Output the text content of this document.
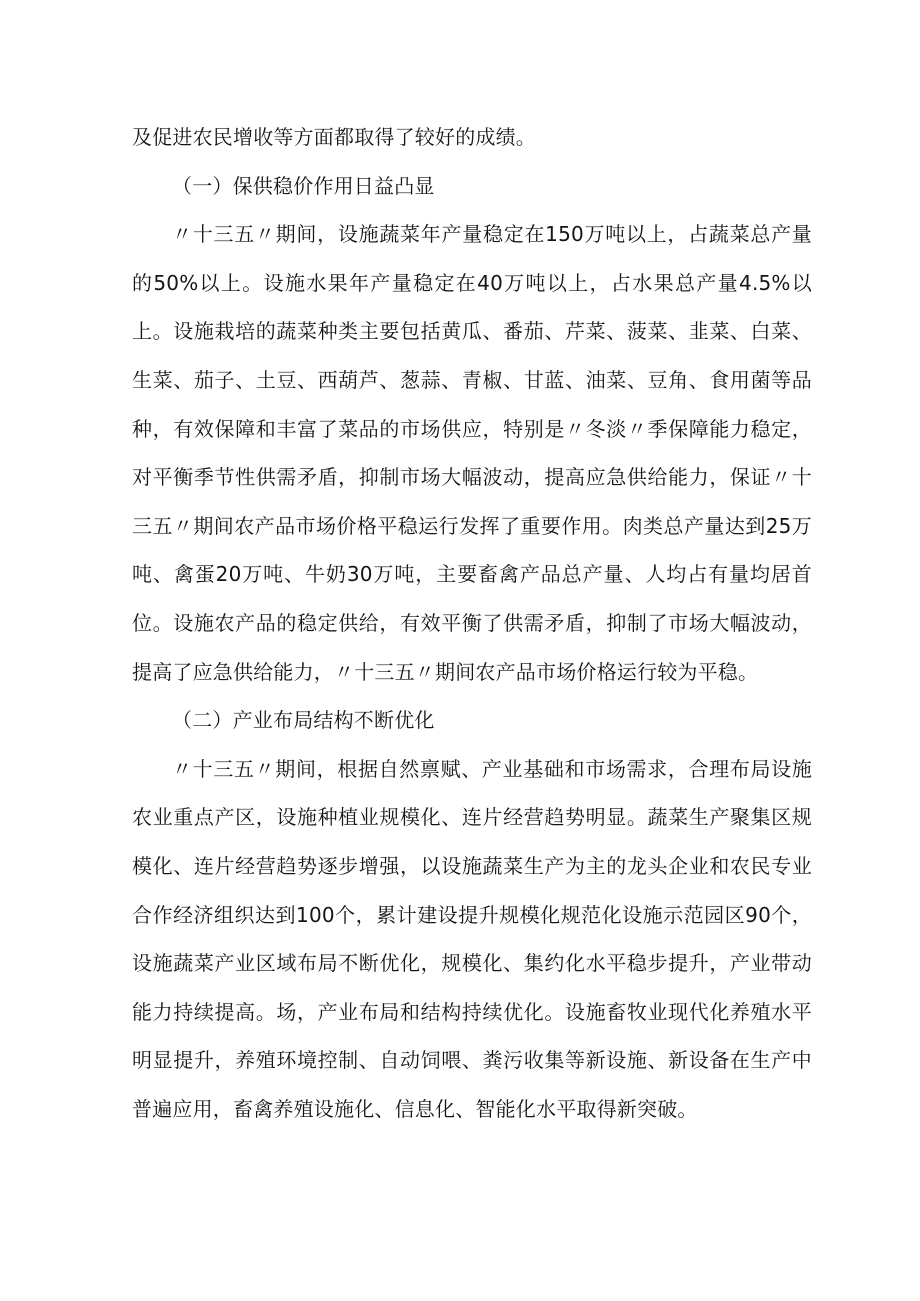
及促进农民增收等方面都取得了较好的成绩。

（一）保供稳价作用日益凸显

〃十三五〃期间，设施蔬菜年产量稳定在150万吨以上，占蔬菜总产量的50%以上。设施水果年产量稳定在40万吨以上，占水果总产量4.5%以上。设施栽培的蔬菜种类主要包括黄瓜、番茄、芹菜、菠菜、韭菜、白菜、生菜、茄子、土豆、西葫芦、葱蒜、青椒、甘蓝、油菜、豆角、食用菌等品种，有效保障和丰富了菜品的市场供应，特别是〃冬淡〃季保障能力稳定，对平衡季节性供需矛盾，抑制市场大幅波动，提高应急供给能力，保证〃十三五〃期间农产品市场价格平稳运行发挥了重要作用。肉类总产量达到25万吨、禽蛋20万吨、牛奶30万吨，主要畜禽产品总产量、人均占有量均居首位。设施农产品的稳定供给，有效平衡了供需矛盾，抑制了市场大幅波动，提高了应急供给能力，〃十三五〃期间农产品市场价格运行较为平稳。

（二）产业布局结构不断优化

〃十三五〃期间，根据自然禀赋、产业基础和市场需求，合理布局设施农业重点产区，设施种植业规模化、连片经营趋势明显。蔬菜生产聚集区规模化、连片经营趋势逐步增强，以设施蔬菜生产为主的龙头企业和农民专业合作经济组织达到100个，累计建设提升规模化规范化设施示范园区90个，设施蔬菜产业区域布局不断优化，规模化、集约化水平稳步提升，产业带动能力持续提高。场，产业布局和结构持续优化。设施畜牧业现代化养殖水平明显提升，养殖环境控制、自动饲喂、粪污收集等新设施、新设备在生产中普遍应用，畜禽养殖设施化、信息化、智能化水平取得新突破。
